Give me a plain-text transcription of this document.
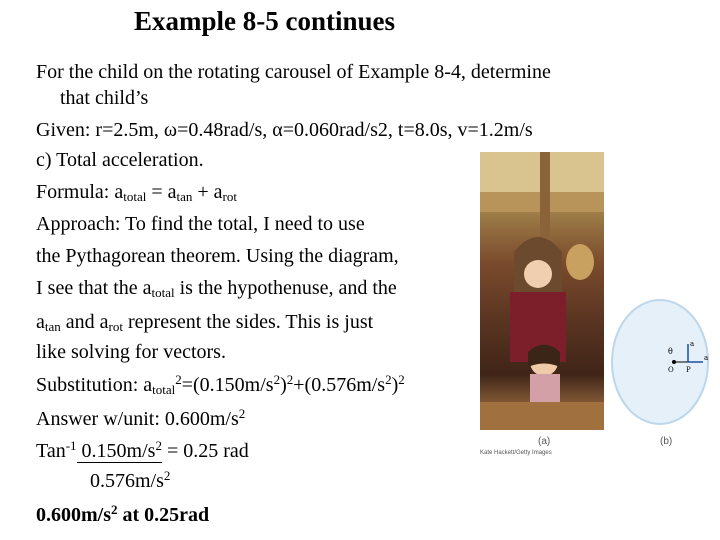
Example 8-5 continues
For the child on the rotating carousel of Example 8-4, determine
that child’s
Given: r=2.5m, ω=0.48rad/s, α=0.060rad/s2, t=8.0s, v=1.2m/s
c) Total acceleration.
Formula: $a_{total} = a_{tan} + a_{rot}$
Approach: To find the total, I need to use
the Pythagorean theorem. Using the diagram,
I see that the $a_{total}$ is the hypothenuse, and the
$a_{tan}$ and $a_{rot}$ represent the sides. This is just
like solving for vectors.
Substitution: $a_{total}^2=(0.150m/s^2)^2+(0.576m/s^2)^2$
Answer w/unit: $0.600m/s^2$
Tan$^{-1}$ $0.150m/s^2 = 0.25$ rad
$0.576m/s^2$
$0.600m/s^2$ at 0.25rad
Kate Hackett/Getty Images
(a)	(b)
θ
a
a
O P
